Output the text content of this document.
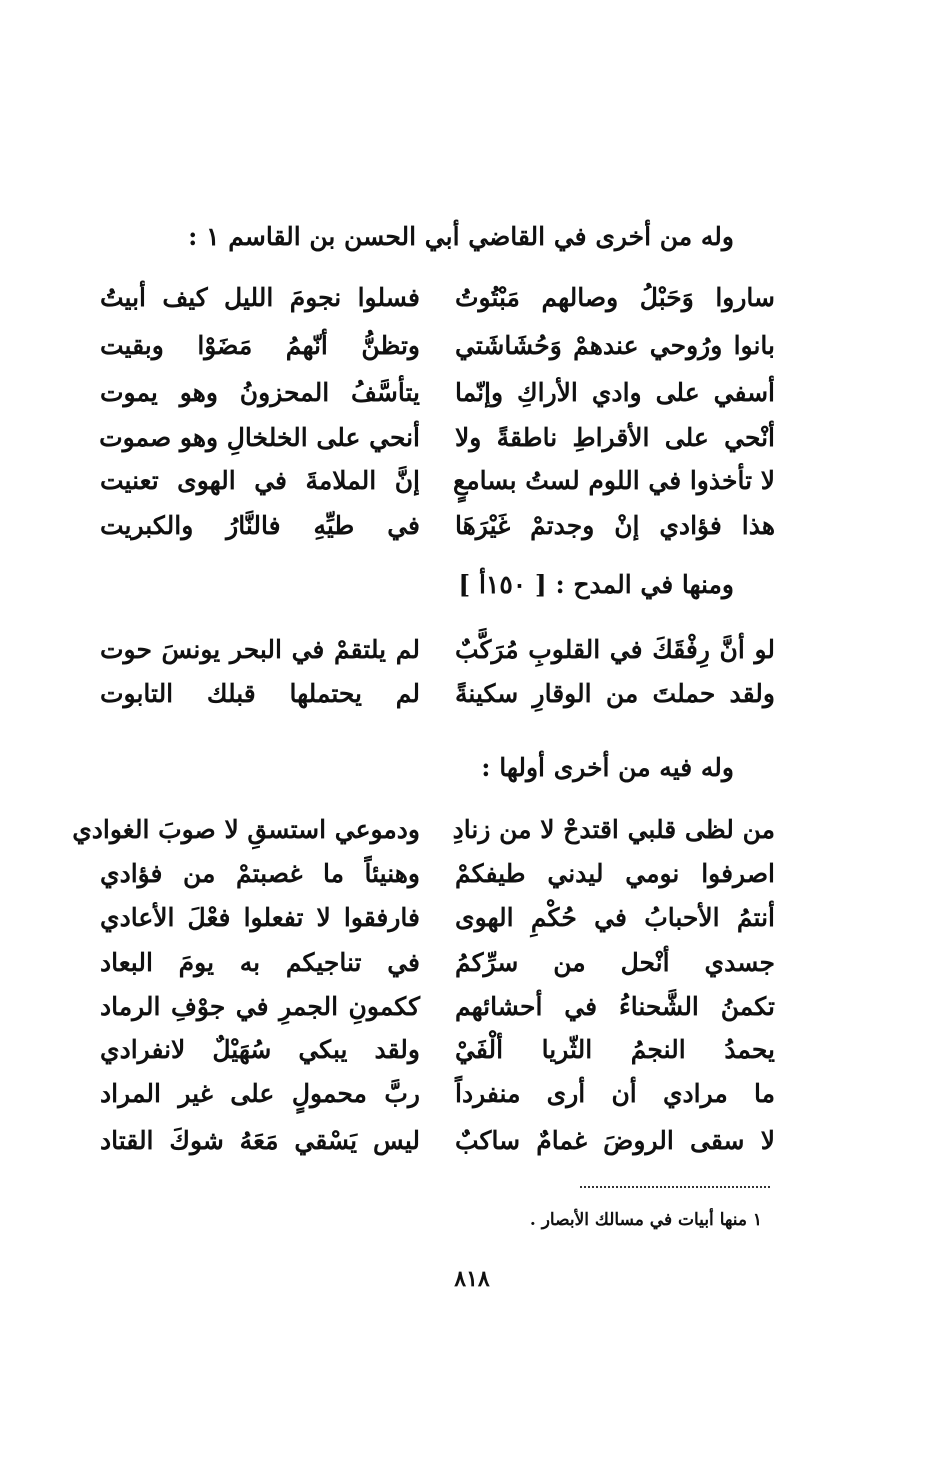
وله من أخرى في القاضي أبي الحسن بن القاسم ١ :
ساروا وَحَبْلُ وصالهم مَبْتُوتُ
فسلوا نجومَ الليل كيف أبيتُ
بانوا ورُوحي عندهمْ وَحُشَاشَتي
وتظنُّ أنّهمُ مَضَوْا وبقيت
أسفي على وادي الأراكِ وإنّما
يتأسَّفُ المحزونُ وهو يموت
أنْحي على الأقراطِ ناطقةً ولا
أنحي على الخلخالِ وهو صموت
لا تأخذوا في اللوم لستُ بسامعٍ
إنَّ الملامةَ في الهوى تعنيت
هذا فؤادي إنْ وجدتمْ غَيْرَهَا
في طيِّهِ فالنَّارُ والكبريت
ومنها في المدح : [ ١٥٠أ ]
لو أنَّ رِفْقَكَ في القلوبِ مُرَكَّبٌ
لم يلتقمْ في البحر يونسَ حوت
ولقد حملتَ من الوقارِ سكينةً
لم يحتملها قبلك التابوت
وله فيه من أخرى أولها :
من لظى قلبي اقتدحْ لا من زنادِ
ودموعي استسقِ لا صوبَ الغوادي
اصرفوا نومي ليدني طيفكمْ
وهنيئاً ما غصبتمْ من فؤادي
أنتمُ الأحبابُ في حُكْمِ الهوى
فارفقوا لا تفعلوا فعْلَ الأعادي
جسدي أنْحل من سرِّكمُ
في تناجيكم به يومَ البعاد
تكمنُ الشَّحناءُ في أحشائهم
ككمونِ الجمرِ في جوْفِ الرماد
يحمدُ النجمُ الثّريا ألْفَيْ
ولقد يبكي سُهَيْلٌ لانفرادي
ما مرادي أن أرى منفرداً
ربَّ محمولٍ على غير المراد
لا سقى الروضَ غمامٌ ساكبٌ
ليس يَسْقي مَعَهُ شوكَ القتاد
١ منها أبيات في مسالك الأبصار .
٨١٨
